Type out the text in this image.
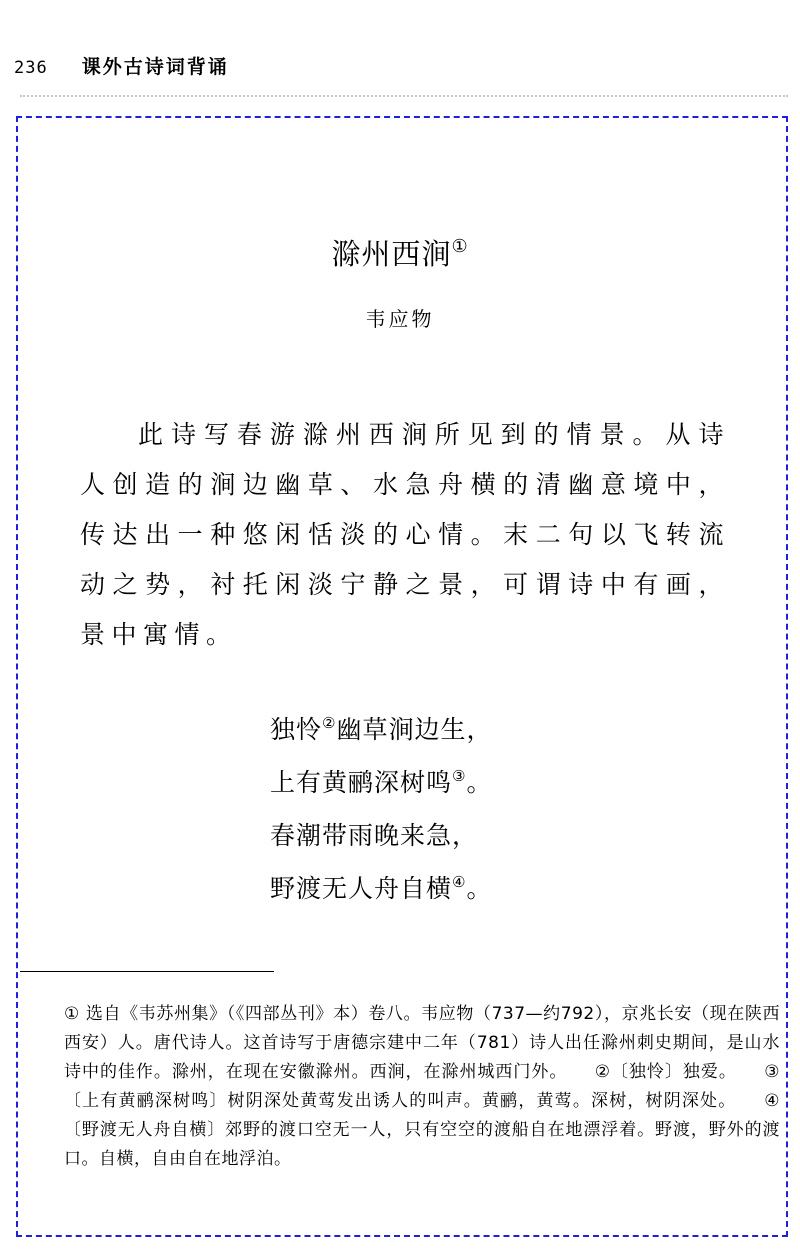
236 课外古诗词背诵
滁州西涧①
韦应物

此诗写春游滁州西涧所见到的情景。从诗人创造的涧边幽草、水急舟横的清幽意境中，传达出一种悠闲恬淡的心情。末二句以飞转流动之势，衬托闲淡宁静之景，可谓诗中有画，景中寓情。

独怜②幽草涧边生，
上有黄鹂深树鸣③。
春潮带雨晚来急，
野渡无人舟自横④。

① 选自《韦苏州集》（《四部丛刊》本）卷八。韦应物（737—约792），京兆长安（现在陕西西安）人。唐代诗人。这首诗写于唐德宗建中二年（781）诗人出任滁州刺史期间，是山水诗中的佳作。滁州，在现在安徽滁州。西涧，在滁州城西门外。　　②〔独怜〕独爱。　　③〔上有黄鹂深树鸣〕树阴深处黄莺发出诱人的叫声。黄鹂，黄莺。深树，树阴深处。　　④〔野渡无人舟自横〕郊野的渡口空无一人，只有空空的渡船自在地漂浮着。野渡，野外的渡口。自横，自由自在地浮泊。
